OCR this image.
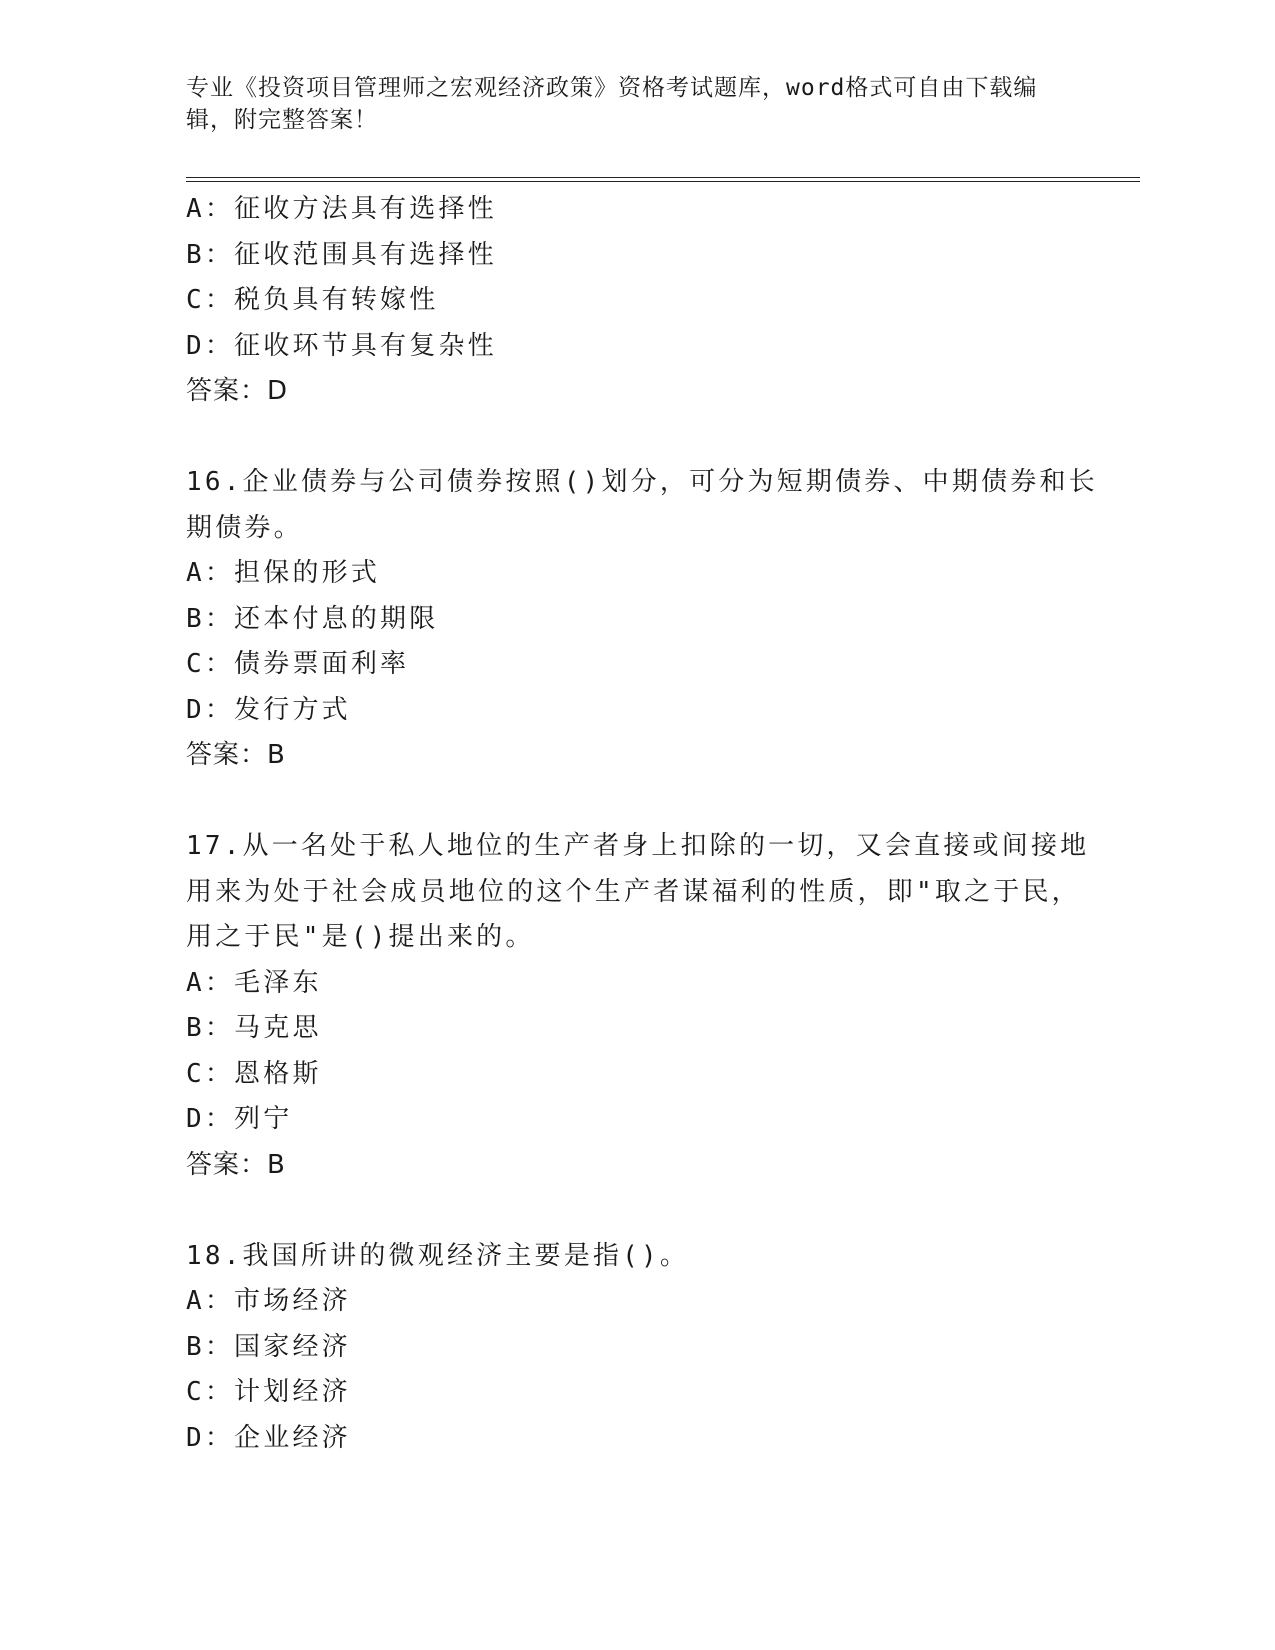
专业《投资项目管理师之宏观经济政策》资格考试题库，word格式可自由下载编辑，附完整答案！
A：征收方法具有选择性
B：征收范围具有选择性
C：税负具有转嫁性
D：征收环节具有复杂性
答案：D
16.企业债券与公司债券按照()划分，可分为短期债券、中期债券和长
期债券。
A：担保的形式
B：还本付息的期限
C：债券票面利率
D：发行方式
答案：B
17.从一名处于私人地位的生产者身上扣除的一切，又会直接或间接地
用来为处于社会成员地位的这个生产者谋福利的性质，即"取之于民，
用之于民"是()提出来的。
A：毛泽东
B：马克思
C：恩格斯
D：列宁
答案：B
18.我国所讲的微观经济主要是指()。
A：市场经济
B：国家经济
C：计划经济
D：企业经济
